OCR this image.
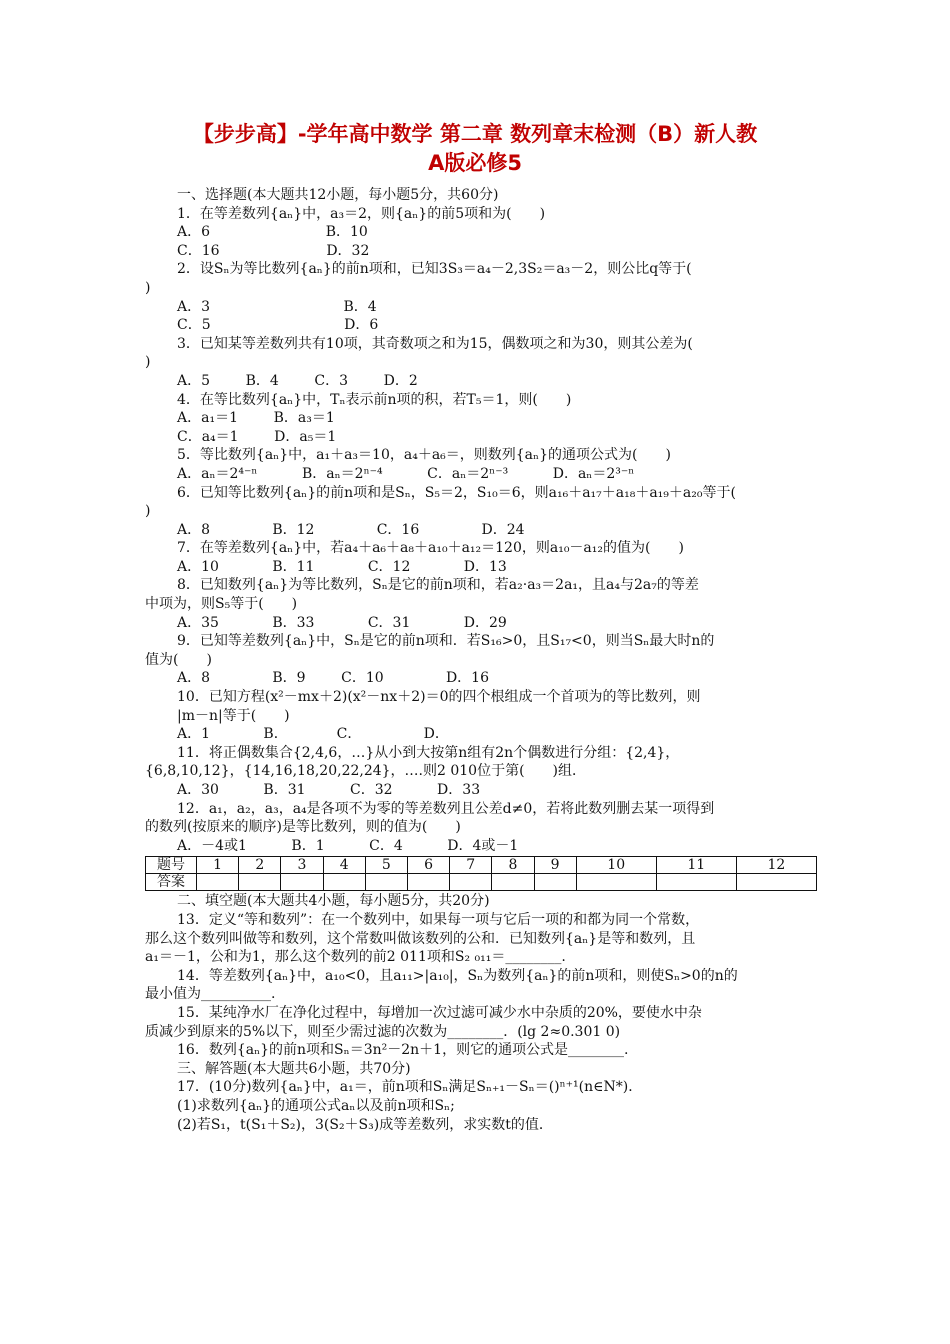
【步步高】-学年高中数学 第二章 数列章末检测（B）新人教
A版必修5

一、选择题(本大题共12小题，每小题5分，共60分)

1．在等差数列{aₙ}中，a₃＝2，则{aₙ}的前5项和为(　　)

A．6                          B．10

C．16                        D．32

2．设Sₙ为等比数列{aₙ}的前n项和，已知3S₃＝a₄－2,3S₂＝a₃－2，则公比q等于(

)

A．3                              B．4

C．5                              D．6

3．已知某等差数列共有10项，其奇数项之和为15，偶数项之和为30，则其公差为(

)

A．5        B．4        C．3        D．2

4．在等比数列{aₙ}中，Tₙ表示前n项的积，若T₅＝1，则(　　)

A．a₁＝1        B．a₃＝1

C．a₄＝1        D．a₅＝1

5．等比数列{aₙ}中，a₁＋a₃＝10，a₄＋a₆＝，则数列{aₙ}的通项公式为(　　)

A．aₙ＝2⁴⁻ⁿ          B．aₙ＝2ⁿ⁻⁴          C．aₙ＝2ⁿ⁻³          D．aₙ＝2³⁻ⁿ

6．已知等比数列{aₙ}的前n项和是Sₙ，S₅＝2，S₁₀＝6，则a₁₆＋a₁₇＋a₁₈＋a₁₉＋a₂₀等于(

)

A．8              B．12              C．16              D．24

7．在等差数列{aₙ}中，若a₄＋a₆＋a₈＋a₁₀＋a₁₂＝120，则a₁₀－a₁₂的值为(　　)

A．10            B．11            C．12            D．13

8．已知数列{aₙ}为等比数列，Sₙ是它的前n项和，若a₂·a₃＝2a₁，且a₄与2a₇的等差

中项为，则S₅等于(　　)

A．35            B．33            C．31            D．29

9．已知等差数列{aₙ}中，Sₙ是它的前n项和．若S₁₆>0，且S₁₇<0，则当Sₙ最大时n的

值为(　　)

A．8              B．9        C．10              D．16

10．已知方程(x²－mx＋2)(x²－nx＋2)＝0的四个根组成一个首项为的等比数列，则

|m－n|等于(　　)

A．1            B．           C．              D．

11．将正偶数集合{2,4,6，…}从小到大按第n组有2n个偶数进行分组：{2,4}，

{6,8,10,12}，{14,16,18,20,22,24}，….则2 010位于第(　　)组．

A．30          B．31          C．32          D．33

12．a₁，a₂，a₃，a₄是各项不为零的等差数列且公差d≠0，若将此数列删去某一项得到

的数列(按原来的顺序)是等比数列，则的值为(　　)

A．－4或1          B．1          C．4          D．4或－1

题号	1	2	3	4	5	6	7	8	9	10	11	12
答案												

二、填空题(本大题共4小题，每小题5分，共20分)

13．定义“等和数列”：在一个数列中，如果每一项与它后一项的和都为同一个常数，

那么这个数列叫做等和数列，这个常数叫做该数列的公和．已知数列{aₙ}是等和数列，且

a₁＝－1，公和为1，那么这个数列的前2 011项和S₂ ₀₁₁＝________.

14．等差数列{aₙ}中，a₁₀<0，且a₁₁>|a₁₀|，Sₙ为数列{aₙ}的前n项和，则使Sₙ>0的n的

最小值为__________.

15．某纯净水厂在净化过程中，每增加一次过滤可减少水中杂质的20%，要使水中杂

质减少到原来的5%以下，则至少需过滤的次数为________．(lg 2≈0.301 0)

16．数列{aₙ}的前n项和Sₙ＝3n²－2n＋1，则它的通项公式是________.

三、解答题(本大题共6小题，共70分)

17．(10分)数列{aₙ}中，a₁＝，前n项和Sₙ满足Sₙ₊₁－Sₙ＝()ⁿ⁺¹(n∈N*)．

(1)求数列{aₙ}的通项公式aₙ以及前n项和Sₙ;

(2)若S₁，t(S₁＋S₂)，3(S₂＋S₃)成等差数列，求实数t的值．
